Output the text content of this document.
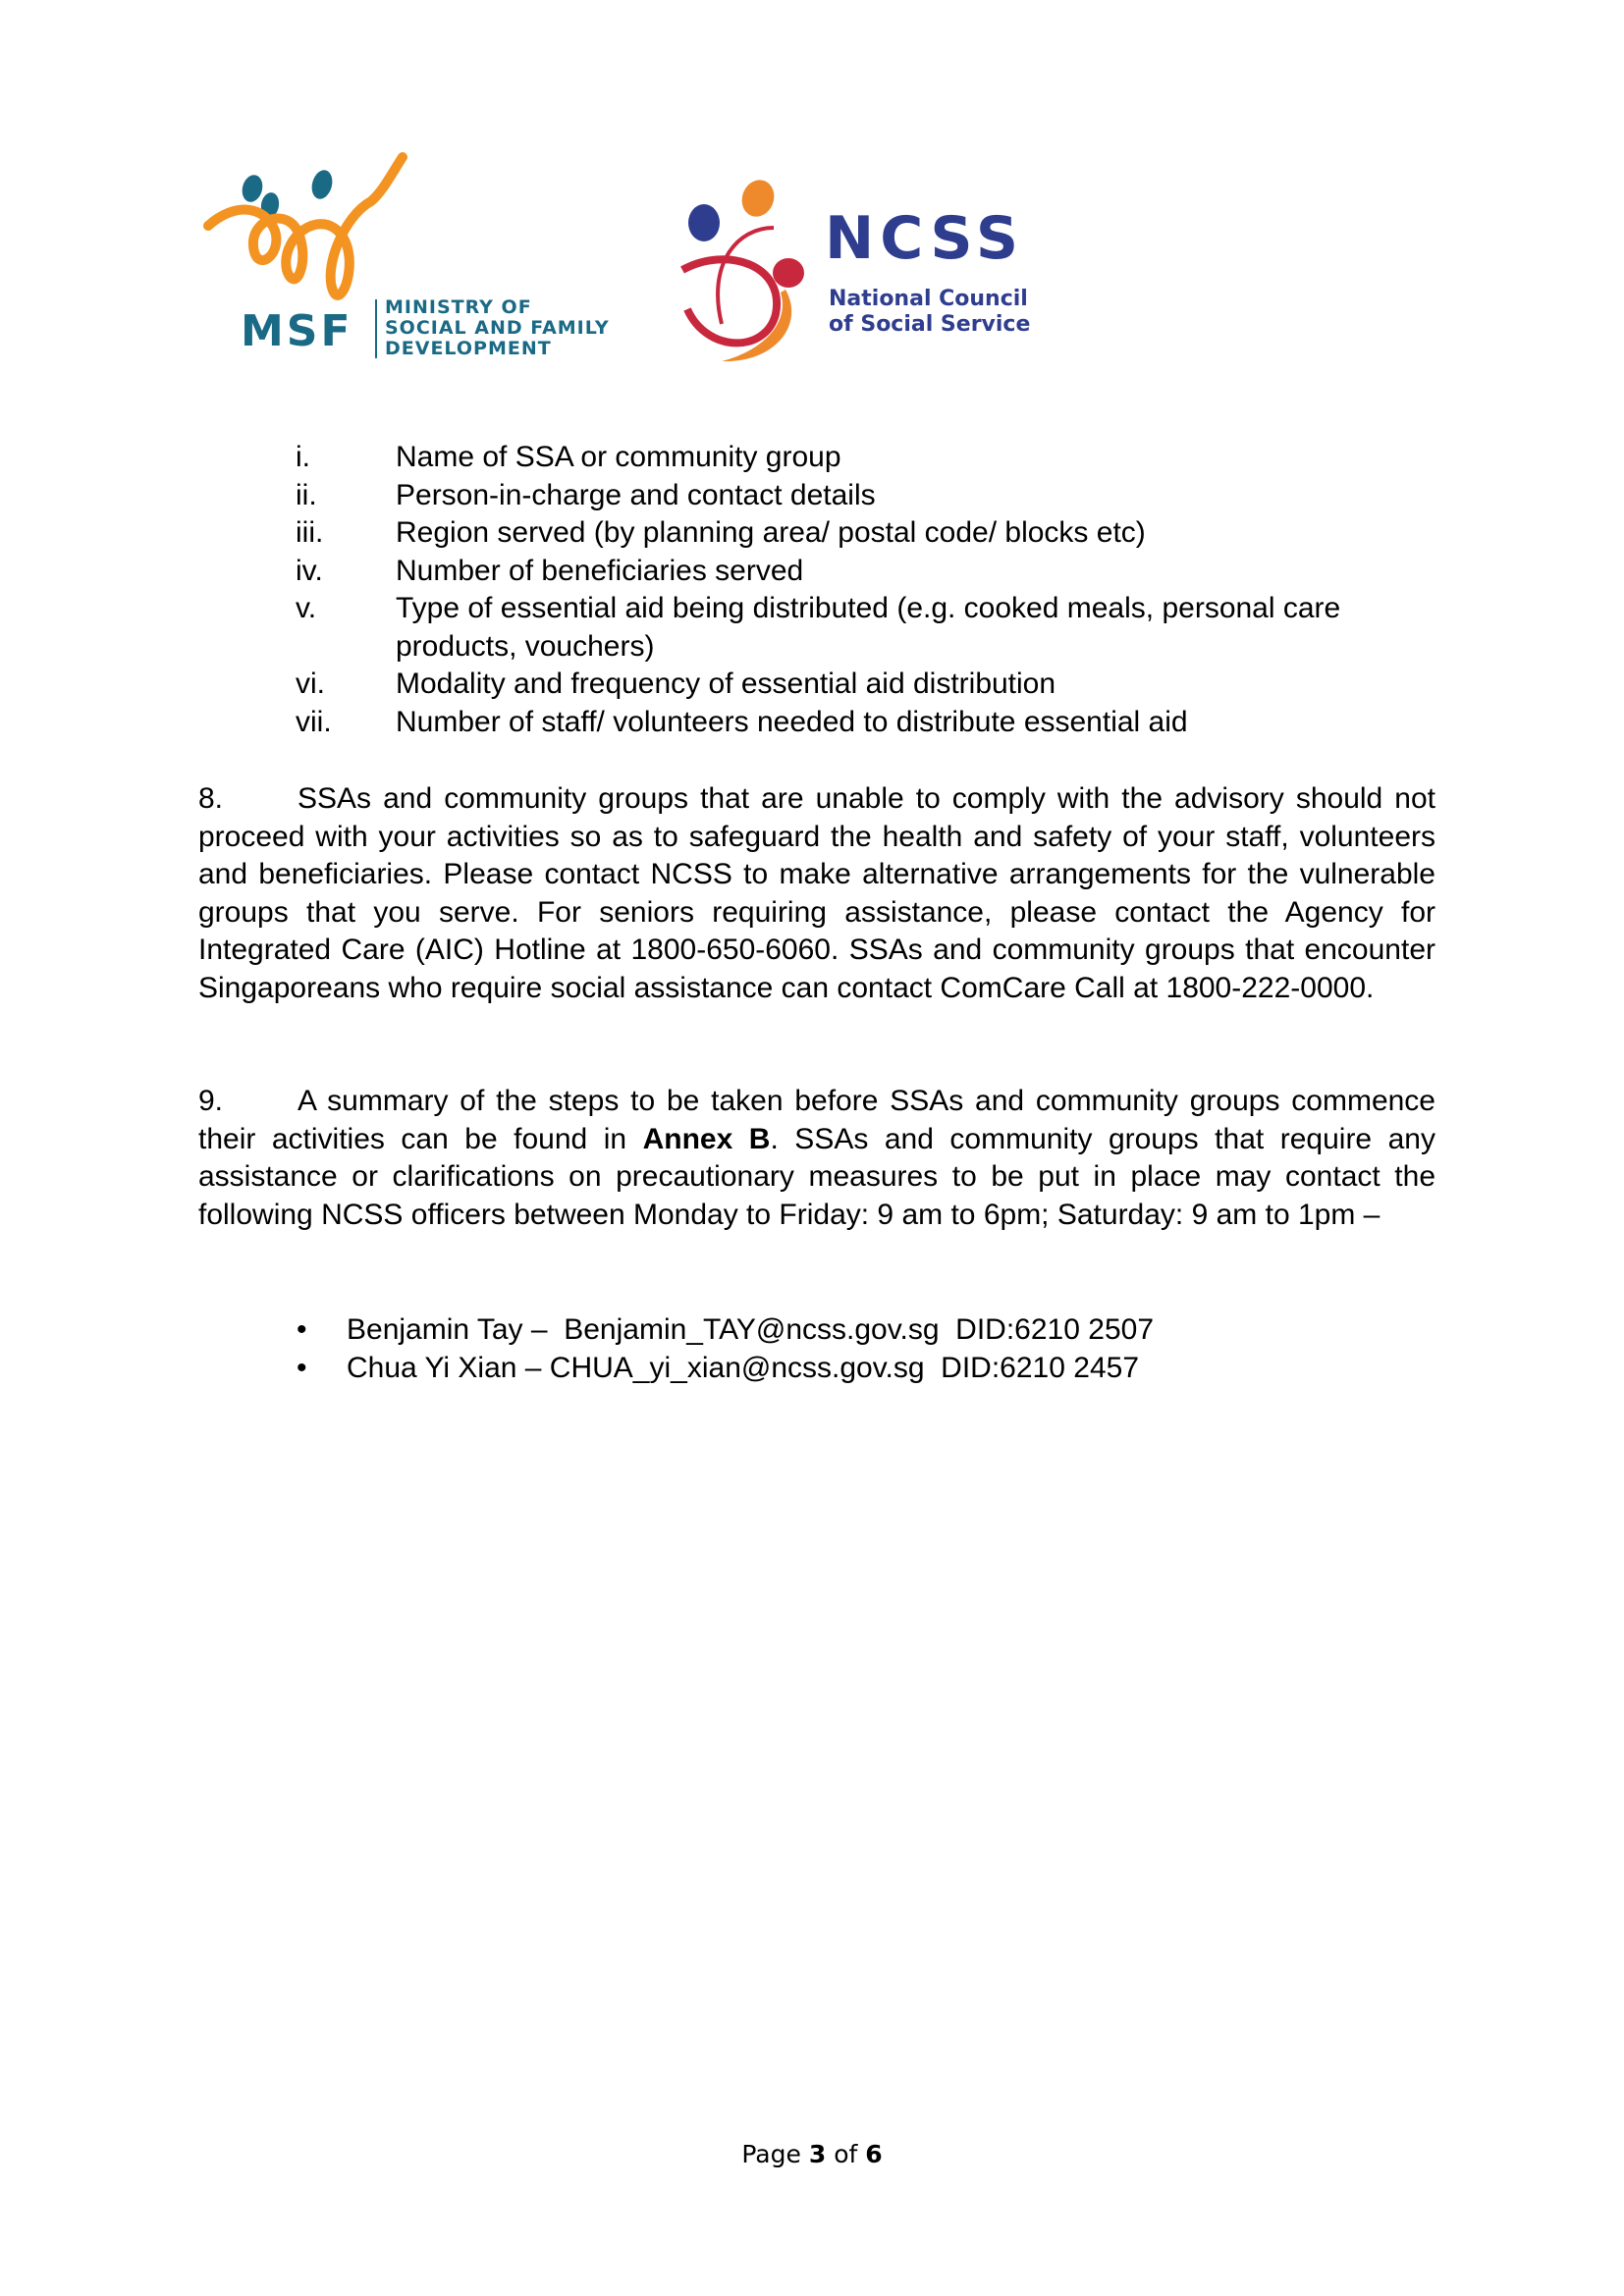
MSF MINISTRY OF
SOCIAL AND FAMILY
DEVELOPMENT
NCSS
National Council
of Social Service
i.	Name of SSA or community group
ii.	Person-in-charge and contact details
iii. Region served (by planning area/ postal code/ blocks etc)
iv. Number of beneficiaries served
v.	Type of essential aid being distributed (e.g. cooked meals, personal care products, vouchers)
vi. Modality and frequency of essential aid distribution
vii. Number of staff/ volunteers needed to distribute essential aid
8.	SSAs and community groups that are unable to comply with the advisory should not proceed with your activities so as to safeguard the health and safety of your staff, volunteers and beneficiaries. Please contact NCSS to make alternative arrangements for the vulnerable groups that you serve. For seniors requiring assistance, please contact the Agency for Integrated Care (AIC) Hotline at 1800-650-6060. SSAs and community groups that encounter Singaporeans who require social assistance can contact ComCare Call at 1800-222-0000.
9.	A summary of the steps to be taken before SSAs and community groups commence their activities can be found in Annex B. SSAs and community groups that require any assistance or clarifications on precautionary measures to be put in place may contact the following NCSS officers between Monday to Friday: 9 am to 6pm; Saturday: 9 am to 1pm –
• Benjamin Tay –  Benjamin_TAY@ncss.gov.sg  DID:6210 2507
• Chua Yi Xian – CHUA_yi_xian@ncss.gov.sg  DID:6210 2457
Page 3 of 6
